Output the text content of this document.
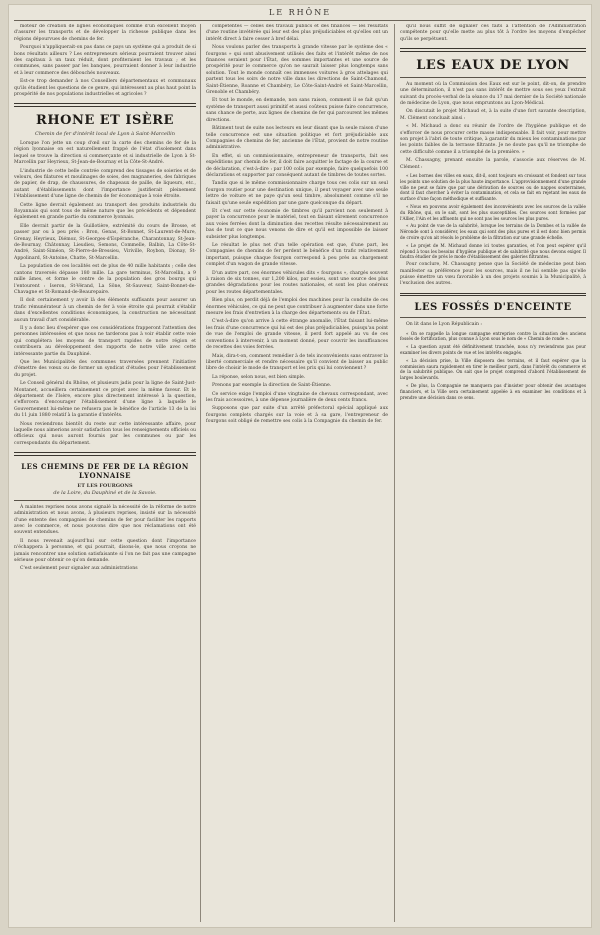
LE RHÔNE

moteur de création de lignes économiques comme d'un excellent moyen d'assurer les transports et de développer la richesse publique dans les régions dépourvues de chemins de fer.

Pourquoi n'appliquerait-on pas dans ce pays un système qui a produit de si bons résultats ailleurs ? Les entrepreneurs sérieux pourraient trouver ainsi des capitaux à un taux réduit, dont profiteraient les travaux ; et les communes, sans passer par les banques, pourraient donner à leur industrie et à leur commerce des débouchés nouveaux.

Est-ce trop demander à nos Conseillers départementaux et communaux qu'ils étudient les questions de ce genre, qui intéressent au plus haut point la prospérité de nos populations industrielles et agricoles ?

RHONE ET ISÈRE
Chemin de fer d'intérêt local de Lyon à Saint-Marcellin

Lorsque l'on jette un coup d'œil sur la carte des chemins de fer de la région lyonnaise on est naturellement frappé de l'état d'isolement dans lequel se trouve la direction si commerçante et si industrielle de Lyon à St-Marcellin par Heyrieux, St-Jean-de-Bournay et la Côte-St-André.

L'industrie de cette belle contrée comprend des tissages de soieries et de velours, des filatures et moulinages de soies, des magnaneries, des fabriques de papier, de drap, de chaussures, de chapeaux de paille, de liqueurs, etc., autant d'établissements dont l'importance justifierait pleinement l'établissement d'une ligne de chemin de fer économique à voie étroite.

Cette ligne devrait également au transport des produits industriels du Royannais qui sont tous de même nature que les précédents et dépendent également en grande partie du commerce lyonnais.

Elle devrait partir de la Guillotière, extrémité du cours de Brosse, et passer par ou à peu près : Bron, Genas, St-Bonnet, St-Laurent-de-Mure, Grenay, Heyrieux, Diémoz, St-Georges-d'Espéranche, Charantonnay, St-Jean-de-Bournay, Châtonnay, Lieudieu, Semons, Commelle, Balbin, La Côte-St-André, Saint-Siméon, St-Pierre-de-Bressieu, Viriville, Roybon, Dionay, St-Appolinard, St-Antoine, Chatte, St-Marcellin.

La population de ces localités est de plus de 40 mille habitants ; celle des cantons traversés dépasse 180 mille. La gare terminus, St-Marcellin, a 9 mille âmes, et forme le centre de la population des gros bourgs qui l'entourent : Iseron, St-Vérand, La Sône, St-Sauveur, Saint-Bonnet-de-Chavagne et St-Romand-de-Beaurepaire.

Il doit certainement y avoir là des éléments suffisants pour assurer un trafic rémunérateur à un chemin de fer à voie étroite qui pourrait s'établir dans d'excellentes conditions économiques, la construction ne nécessitant aucun travail d'art considérable.

Il y a donc lieu d'espérer que ces considérations frapperont l'attention des personnes intéressées et que nous ne tarderons pas à voir établir cette voie qui complétera les moyens de transport rapides de notre région et contribuera au développement des rapports de notre ville avec cette intéressante partie du Dauphiné.

Que les Municipalités des communes traversées prennent l'initiative d'émettre des vœux ou de former un syndicat d'études pour l'établissement du projet.

Le Conseil général du Rhône, et plusieurs jadis pour la ligne de Saint-Just-Montanet, accueillera certainement ce projet avec la même faveur. Et le département de l'Isère, encore plus directement intéressé à la question, s'efforcera d'encourager l'établissement d'une ligne à laquelle le Gouvernement lui-même ne refusera pas le bénéfice de l'article 13 de la loi du 11 juin 1880 relatif à la garantie d'intérêts.

Nous reviendrons bientôt du reste sur cette intéressante affaire, pour laquelle nous aimerions avoir satisfaction tous les renseignements officiels ou officieux qui nous auront fournis par les communes ou par les correspondants du département.

LES CHEMINS DE FER DE LA RÉGION LYONNAISE
ET LES FOURGONS
de la Loire, du Dauphiné et de la Savoie.

À maintes reprises nous avons signalé la nécessité de la réforme de notre administration et nous avons, à plusieurs reprises, insisté sur la nécessité d'une entente des compagnies de chemins de fer pour faciliter les rapports avec le commerce, et nous pouvons dire que nos réclamations ont été souvent entendues.

Il nous revenait aujourd'hui sur cette question dont l'importance n'échappera à personne, et qui pourrait, disons-le, que nous croyons ne jamais rencontrer une solution satisfaisante si l'on ne fait pas une campagne sérieuse pour obtenir ce qu'on demande.

C'est seulement pour signaler aux administrations

compétentes — celles des travaux publics et des finances — les résultats d'une routine invétérée qui leur est des plus préjudiciables et qu'elles ont un intérêt direct à faire cesser à bref délai.

Nous voulons parler des transports à grande vitesse par le système des « fourgons » qui sont abusivement utilisés des faits et l'intérêt même de nos finances seraient pour l'État, des sommes importantes et une source de prospérité pour le commerce qu'on ne saurait laisser plus longtemps sans solution. Tout le monde connaît ces immenses voitures à gros attelages qui partent tous les soirs de notre ville dans les directions de Saint-Chamond, Saint-Étienne, Roanne et Chambéry, Le Côte-Saint-André et Saint-Marcellin, Grenoble et Chambéry.

Et tout le monde, en demande, non sans raison, comment il se fait qu'un système de transport aussi primitif et aussi coûteux puisse faire concurrence, sans chance de perte, aux lignes de chemins de fer qui parcourent les mêmes directions.

Bâtiment tout de suite nos lecteurs en leur disant que la seule raison d'une telle concurrence est une situation politique et fort préjudiciable aux Compagnies de chemins de fer, ancienne de l'État, provient de notre routine administrative.

En effet, si un commissionnaire, entrepreneur de transports, fait ses expéditions par chemin de fer, il doit faire acquitter le factage de la course et de déclaration, c'est-à-dire : par 100 colis par exemple, faire quelquefois 100 déclarations et supporter par conséquent autant de timbres de toutes sortes.

Tandis que si le même commissionnaire charge tous ces colis sur un seul fourgon routier pour une destination unique, il peut voyager avec une seule lettre de voiture et ne paye qu'un seul timbre, absolument comme s'il ne faisait qu'une seule expédition par une gare quelconque du départ.

Et c'est sur cette économie de timbres qu'il parvient non seulement à payer la concurrence pour le matériel, tout en faisant sûrement concurrence aux voies ferrées dont la diminution des recettes résulte nécessairement au bas de tout ce que nous venons de dire et qu'il est impossible de laisser subsister plus longtemps.

Le résultat le plus net d'un telle opération est que, d'une part, les Compagnies de chemins de fer perdent le bénéfice d'un trafic relativement important, puisque chaque fourgon correspond à peu près au chargement complet d'un wagon de grande vitesse.

D'un autre part, ces énormes véhicules dits « fourgons », chargés souvent à raison de six tonnes, sur 1,200 kilos, par essieu, sont une source des plus grandes dégradations pour les routes nationales, et sont les plus onéreux pour les routes départementales.

Bien plus, on perdit déjà de l'emploi des machines pour la conduite de ces énormes véhicules, ce qui ne peut que contribuer à augmenter dans une forte mesure les frais d'entretien à la charge des départements ou de l'État.

C'est-à-dire qu'on arrive à cette étrange anomalie, l'État faisant lui-même les frais d'une concurrence qui lui est des plus préjudiciables, puisqu'au point de vue de l'emploi de grande vitesse, il perd fort appelé au vu de ces conventions à intervenir, à un moment donné, pour couvrir les insuffisances de recettes des voies ferrées.

Mais, dira-t-on, comment remédier à de tels inconvénients sans entraver la liberté commerciale et rendre nécessaire qu'il convient de laisser au public libre de choisir le mode de transport et les prix qui lui conviennent ?

La réponse, selon nous, est bien simple.

Prenons par exemple la direction de Saint-Étienne.

Ce service exige l'emploi d'une vingtaine de chevaux correspondant, avec les frais accessoires, à une dépense journalière de deux cents francs.

Supposons que par suite d'un arrêté préfectoral spécial appliqué aux fourgons complets chargés sur la voie et à sa gare, l'entrepreneur de fourgons soit obligé de remettre ses colis à la Compagnie du chemin de fer.

qu'il nous suffit de signaler ces faits à l'attention de l'Administration compétente pour qu'elle mette au plus tôt à l'ordre les moyens d'empêcher qu'ils se perpétuent.

LES EAUX DE LYON

Au moment où la Commission des Eaux est sur le point, dit-on, de prendre une détermination, il n'est pas sans intérêt de mettre sous ses yeux l'extrait suivant du procès-verbal de la séance du 17 mai dernier de la Société nationale de médecine de Lyon, que nous empruntons au Lyon-Médical.

On discutait le projet Michaud et, à la suite d'une fort savante description, M. Clément concluait ainsi :

« M. Michaud a donc su réunir de l'ordre de l'hygiène publique et de s'efforcer de nous procurer cette masse indispensable. Il fait voir, pour mettre son projet à l'abri de toute critique, à garantir du mieux les contaminations par les points faibles de la terrasse filtrante. Je ne doute pas qu'il ne triomphe de cette difficulté comme il a triomphé de la première. »

M. Chassagny, prenant ensuite la parole, s'associe aux réserves de M. Clément :

« Les bornes des villes en eaux, dit-il, sont toujours en croissant et fondent sur tous les points une solution de la plus haute importance. L'approvisionnement d'une grande ville ne peut se faire que par une dérivation de sources ou de nappes souterraines, dont il faut chercher à éviter la contamination, et cela se fait en rejetant les eaux de surface d'une façon méthodique et suffisante.

« Nous en pouvons avoir également des inconvénients avec les sources de la vallée du Rhône, qui, on le sait, sont les plus susceptibles. Ces sources sont formées par l'Allier, l'Ain et les affluents qui ne sont pas les sources les plus pures.

« Au point de vue de la salubrité, lorsque les terrains de la Dombes et la vallée de Néronde sont à considérer, les eaux qui sont des plus pures et il est donc bien permis de croire qu'on ait résolu le problème de la filtration sur une grande échelle.

« Le projet de M. Michaud donne ici toutes garanties, et l'on peut espérer qu'il répond à tous les besoins d'hygiène publique et de salubrité que nous devons exiger. Il faudra étudier de près le mode d'établissement des galeries filtrantes.

Pour conclure, M. Chassagny pense que la Société de médecine peut bien manifester sa préférence pour les sources, mais il ne lui semble pas qu'elle puisse émettre un vœu favorable à un des projets soumis à la Municipalité, à l'exclusion des autres.

LES FOSSÉS D'ENCEINTE

On lit dans le Lyon Républicain :

« On se rappelle la longue campagne entreprise contre la situation des anciens fossés de fortification, plus connue à Lyon sous le nom de « Chemin de ronde ».

« La question ayant été définitivement tranchée, nous n'y reviendrons pas pour examiner les divers points de vue et les intérêts engagés.

« La décision prise, la Ville disposera des terrains, et il faut espérer que la commission saura rapidement en tirer le meilleur parti, dans l'intérêt du commerce et de la salubrité publique. On sait que le projet comprend d'abord l'établissement de larges boulevards.

« De plus, la Compagnie ne manquera pas d'insister pour obtenir des avantages financiers, et la Ville sera certainement appelée à en examiner les conditions et à prendre une décision dans ce sens.
